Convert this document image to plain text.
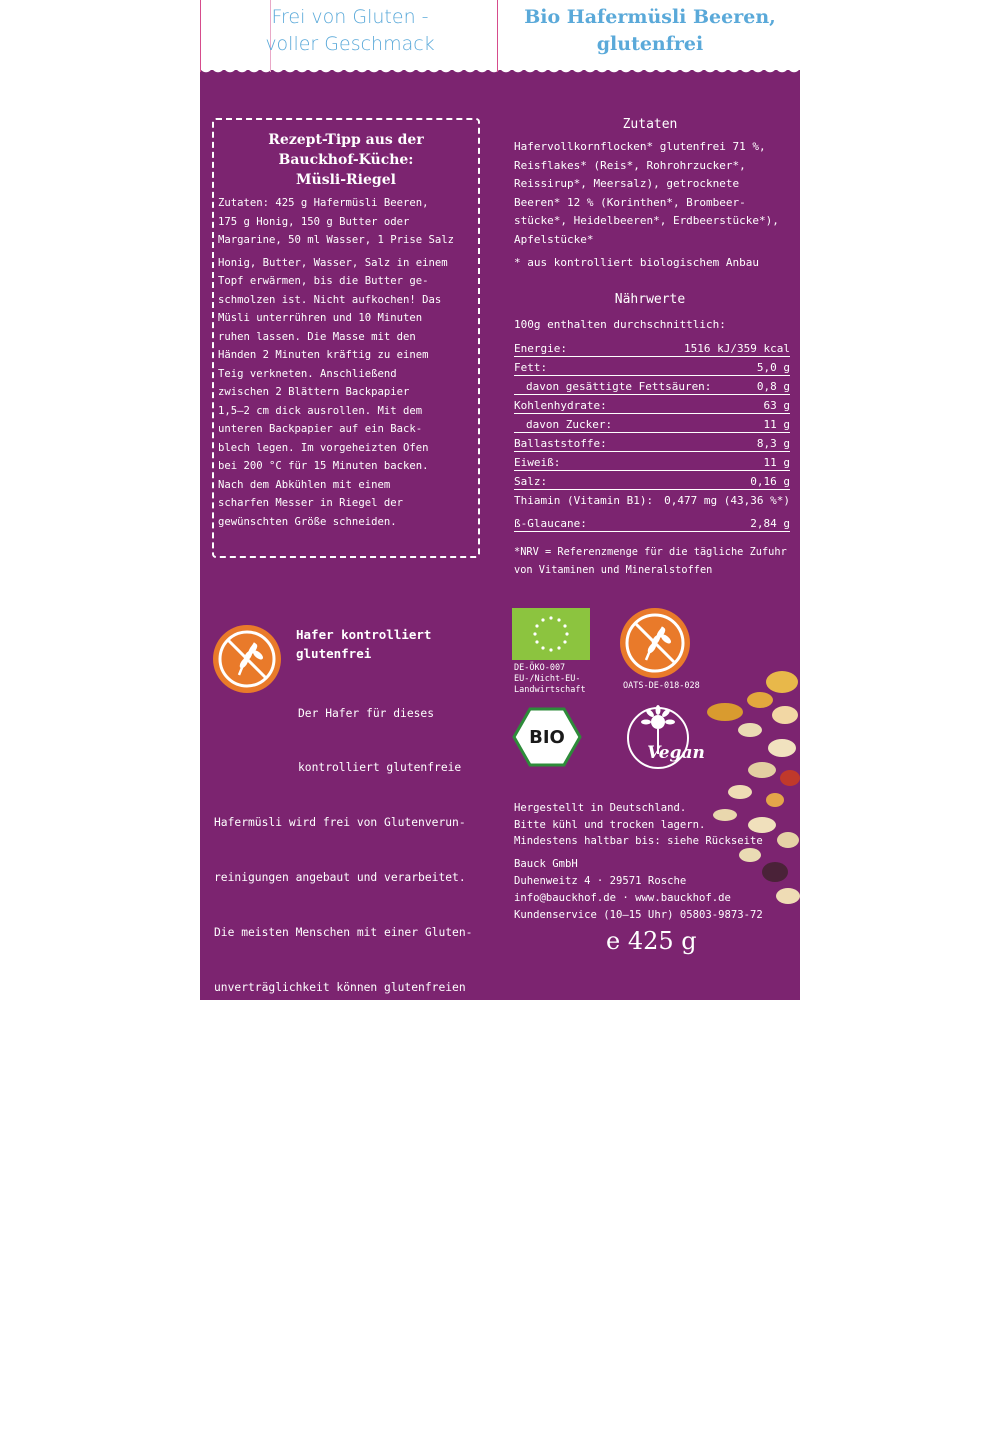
Frei von Gluten -
voller Geschmack
Bio Hafermüsli Beeren,
glutenfrei
Rezept-Tipp aus der
Bauckhof-Küche:
Müsli-Riegel

Zutaten: 425 g Hafermüsli Beeren,
175 g Honig, 150 g Butter oder
Margarine, 50 ml Wasser, 1 Prise Salz

Honig, Butter, Wasser, Salz in einem
Topf erwärmen, bis die Butter ge-
schmolzen ist. Nicht aufkochen! Das
Müsli unterrühren und 10 Minuten
ruhen lassen. Die Masse mit den
Händen 2 Minuten kräftig zu einem
Teig verkneten. Anschließend
zwischen 2 Blättern Backpapier
1,5–2 cm dick ausrollen. Mit dem
unteren Backpapier auf ein Back-
blech legen. Im vorgeheizten Ofen
bei 200 °C für 15 Minuten backen.
Nach dem Abkühlen mit einem
scharfen Messer in Riegel der
gewünschten Größe schneiden.

Hafer kontrolliert
glutenfrei

Der Hafer für dieses

kontrolliert glutenfreie

Hafermüsli wird frei von Glutenverun-

reinigungen angebaut und verarbeitet.

Die meisten Menschen mit einer Gluten-

unverträglichkeit können glutenfreien

Hafer in ihre Ernährung mit einbeziehen,

da sich die Eiweißstruktur des Hafers

von der von Weizen, Roggen, Dinkel

und Gerste unterscheidet.

Es wird empfohlen, glutenfreie Hafer-

produkte zunächst langsam und

schrittweise in einen glutenfreien

Speiseplan zu integrieren.

Zutaten
Hafervollkornflocken* glutenfrei 71 %,
Reisflakes* (Reis*, Rohrohrzucker*,
Reissirup*, Meersalz), getrocknete
Beeren* 12 % (Korinthen*, Brombeer-
stücke*, Heidelbeeren*, Erdbeerstücke*),
Apfelstücke*
* aus kontrolliert biologischem Anbau
Nährwerte
100g enthalten durchschnittlich:
Energie:	1516 kJ/359 kcal
Fett:	5,0 g
davon gesättigte Fettsäuren:	0,8 g
Kohlenhydrate:	63 g
davon Zucker:	11 g
Ballaststoffe:	8,3 g
Eiweiß:	11 g
Salz:	0,16 g
Thiamin (Vitamin B1): 0,477 mg (43,36 %*)
ß-Glaucane:	2,84 g
*NRV = Referenzmenge für die tägliche Zufuhr
von Vitaminen und Mineralstoffen
DE-ÖKO-007
EU-/Nicht-EU-
Landwirtschaft
BIO
OATS-DE-018-028
Vegan
Hergestellt in Deutschland.
Bitte kühl und trocken lagern.
Mindestens haltbar bis: siehe Rückseite
Bauck GmbH
Duhenweitz 4 · 29571 Rosche
info@bauckhof.de · www.bauckhof.de
Kundenservice (10–15 Uhr) 05803-9873-72
e 425 g
